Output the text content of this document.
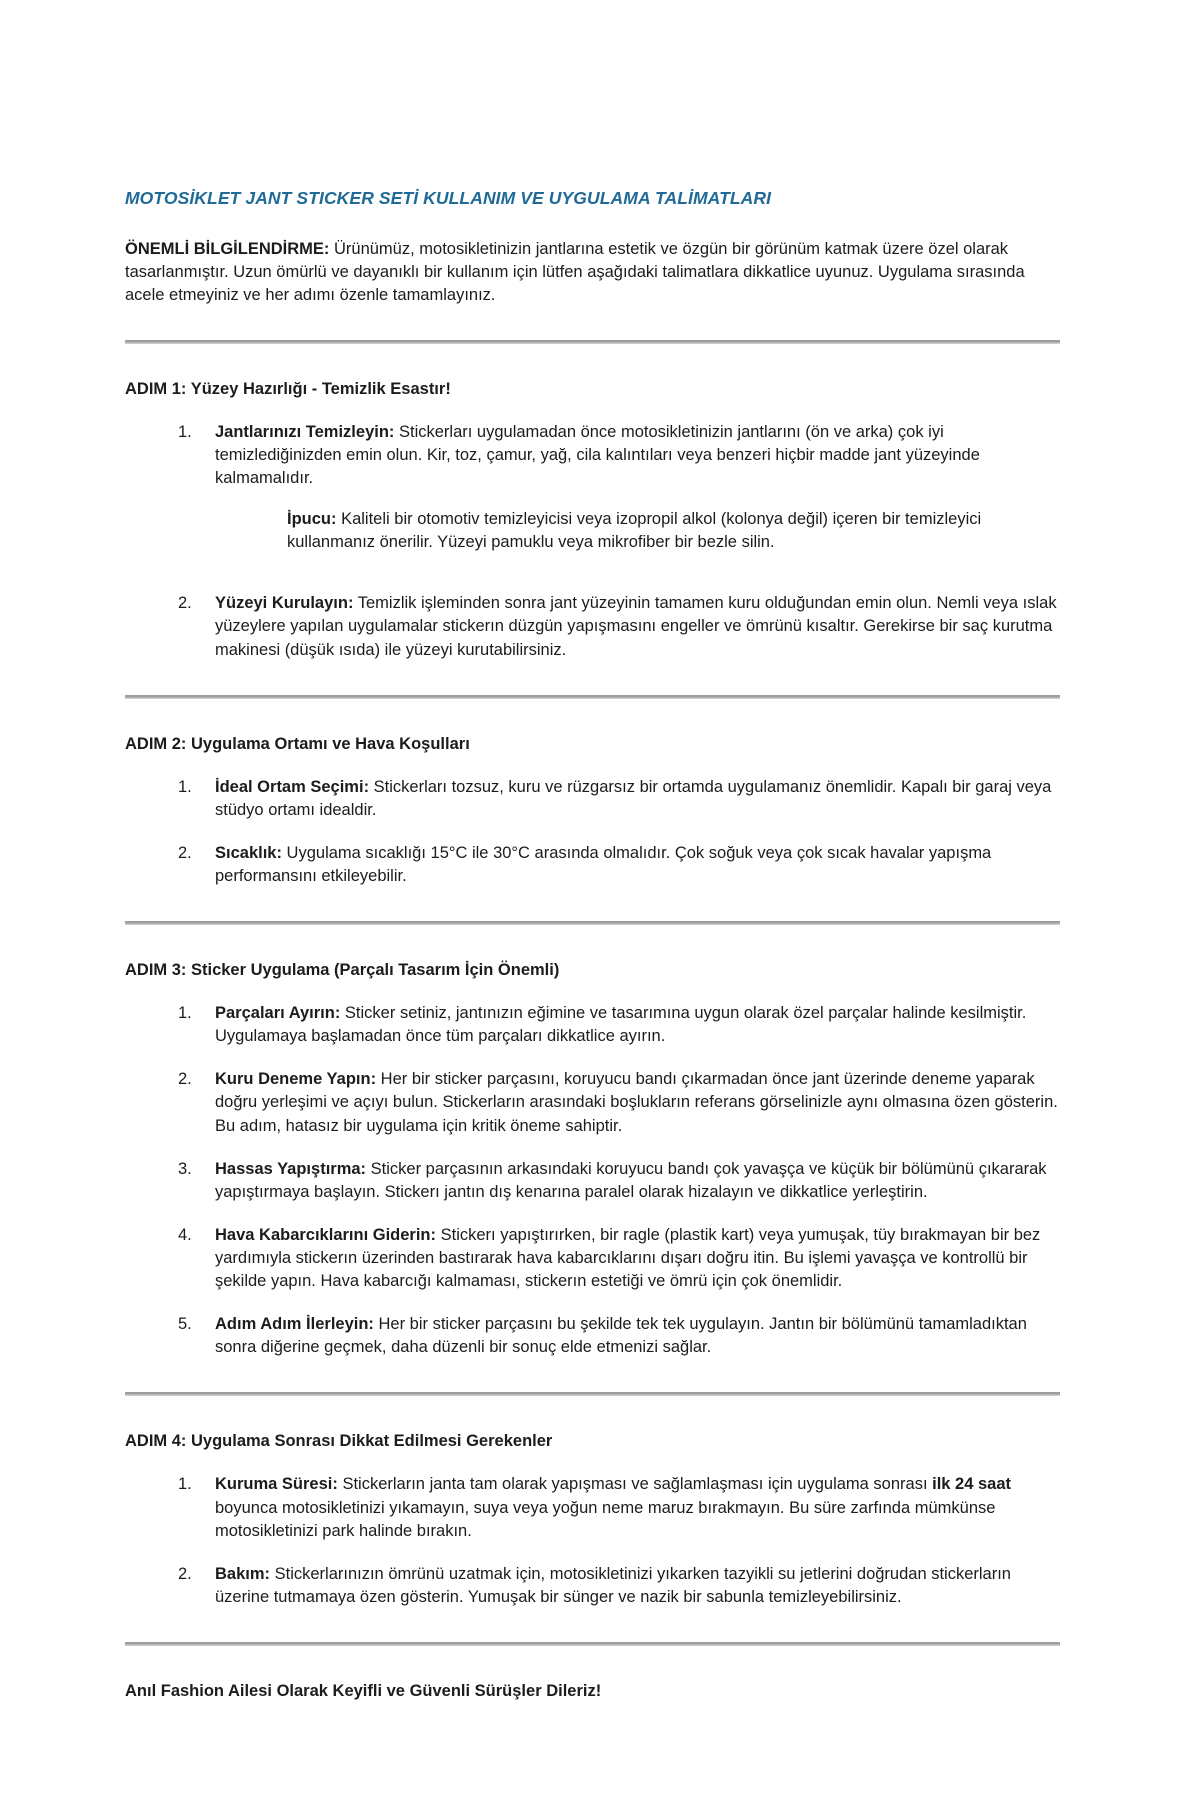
MOTOSİKLET JANT STICKER SETİ KULLANIM VE UYGULAMA TALİMATLARI

ÖNEMLİ BİLGİLENDİRME: Ürünümüz, motosikletinizin jantlarına estetik ve özgün bir görünüm katmak üzere özel olarak tasarlanmıştır. Uzun ömürlü ve dayanıklı bir kullanım için lütfen aşağıdaki talimatlara dikkatlice uyunuz. Uygulama sırasında acele etmeyiniz ve her adımı özenle tamamlayınız.

ADIM 1: Yüzey Hazırlığı - Temizlik Esastır!

1.	Jantlarınızı Temizleyin: Stickerları uygulamadan önce motosikletinizin jantlarını (ön ve arka) çok iyi temizlediğinizden emin olun. Kir, toz, çamur, yağ, cila kalıntıları veya benzeri hiçbir madde jant yüzeyinde kalmamalıdır.
İpucu: Kaliteli bir otomotiv temizleyicisi veya izopropil alkol (kolonya değil) içeren bir temizleyici kullanmanız önerilir. Yüzeyi pamuklu veya mikrofiber bir bezle silin.
2.	Yüzeyi Kurulayın: Temizlik işleminden sonra jant yüzeyinin tamamen kuru olduğundan emin olun. Nemli veya ıslak yüzeylere yapılan uygulamalar stickerın düzgün yapışmasını engeller ve ömrünü kısaltır. Gerekirse bir saç kurutma makinesi (düşük ısıda) ile yüzeyi kurutabilirsiniz.

ADIM 2: Uygulama Ortamı ve Hava Koşulları

1.	İdeal Ortam Seçimi: Stickerları tozsuz, kuru ve rüzgarsız bir ortamda uygulamanız önemlidir. Kapalı bir garaj veya stüdyo ortamı idealdir.
2.	Sıcaklık: Uygulama sıcaklığı 15°C ile 30°C arasında olmalıdır. Çok soğuk veya çok sıcak havalar yapışma performansını etkileyebilir.

ADIM 3: Sticker Uygulama (Parçalı Tasarım İçin Önemli)

1.	Parçaları Ayırın: Sticker setiniz, jantınızın eğimine ve tasarımına uygun olarak özel parçalar halinde kesilmiştir. Uygulamaya başlamadan önce tüm parçaları dikkatlice ayırın.
2.	Kuru Deneme Yapın: Her bir sticker parçasını, koruyucu bandı çıkarmadan önce jant üzerinde deneme yaparak doğru yerleşimi ve açıyı bulun. Stickerların arasındaki boşlukların referans görselinizle aynı olmasına özen gösterin. Bu adım, hatasız bir uygulama için kritik öneme sahiptir.
3.	Hassas Yapıştırma: Sticker parçasının arkasındaki koruyucu bandı çok yavaşça ve küçük bir bölümünü çıkararak yapıştırmaya başlayın. Stickerı jantın dış kenarına paralel olarak hizalayın ve dikkatlice yerleştirin.
4.	Hava Kabarcıklarını Giderin: Stickerı yapıştırırken, bir ragle (plastik kart) veya yumuşak, tüy bırakmayan bir bez yardımıyla stickerın üzerinden bastırarak hava kabarcıklarını dışarı doğru itin. Bu işlemi yavaşça ve kontrollü bir şekilde yapın. Hava kabarcığı kalmaması, stickerın estetiği ve ömrü için çok önemlidir.
5.	Adım Adım İlerleyin: Her bir sticker parçasını bu şekilde tek tek uygulayın. Jantın bir bölümünü tamamladıktan sonra diğerine geçmek, daha düzenli bir sonuç elde etmenizi sağlar.

ADIM 4: Uygulama Sonrası Dikkat Edilmesi Gerekenler

1.	Kuruma Süresi: Stickerların janta tam olarak yapışması ve sağlamlaşması için uygulama sonrası ilk 24 saat boyunca motosikletinizi yıkamayın, suya veya yoğun neme maruz bırakmayın. Bu süre zarfında mümkünse motosikletinizi park halinde bırakın.
2.	Bakım: Stickerlarınızın ömrünü uzatmak için, motosikletinizi yıkarken tazyikli su jetlerini doğrudan stickerların üzerine tutmamaya özen gösterin. Yumuşak bir sünger ve nazik bir sabunla temizleyebilirsiniz.

Anıl Fashion Ailesi Olarak Keyifli ve Güvenli Sürüşler Dileriz!
